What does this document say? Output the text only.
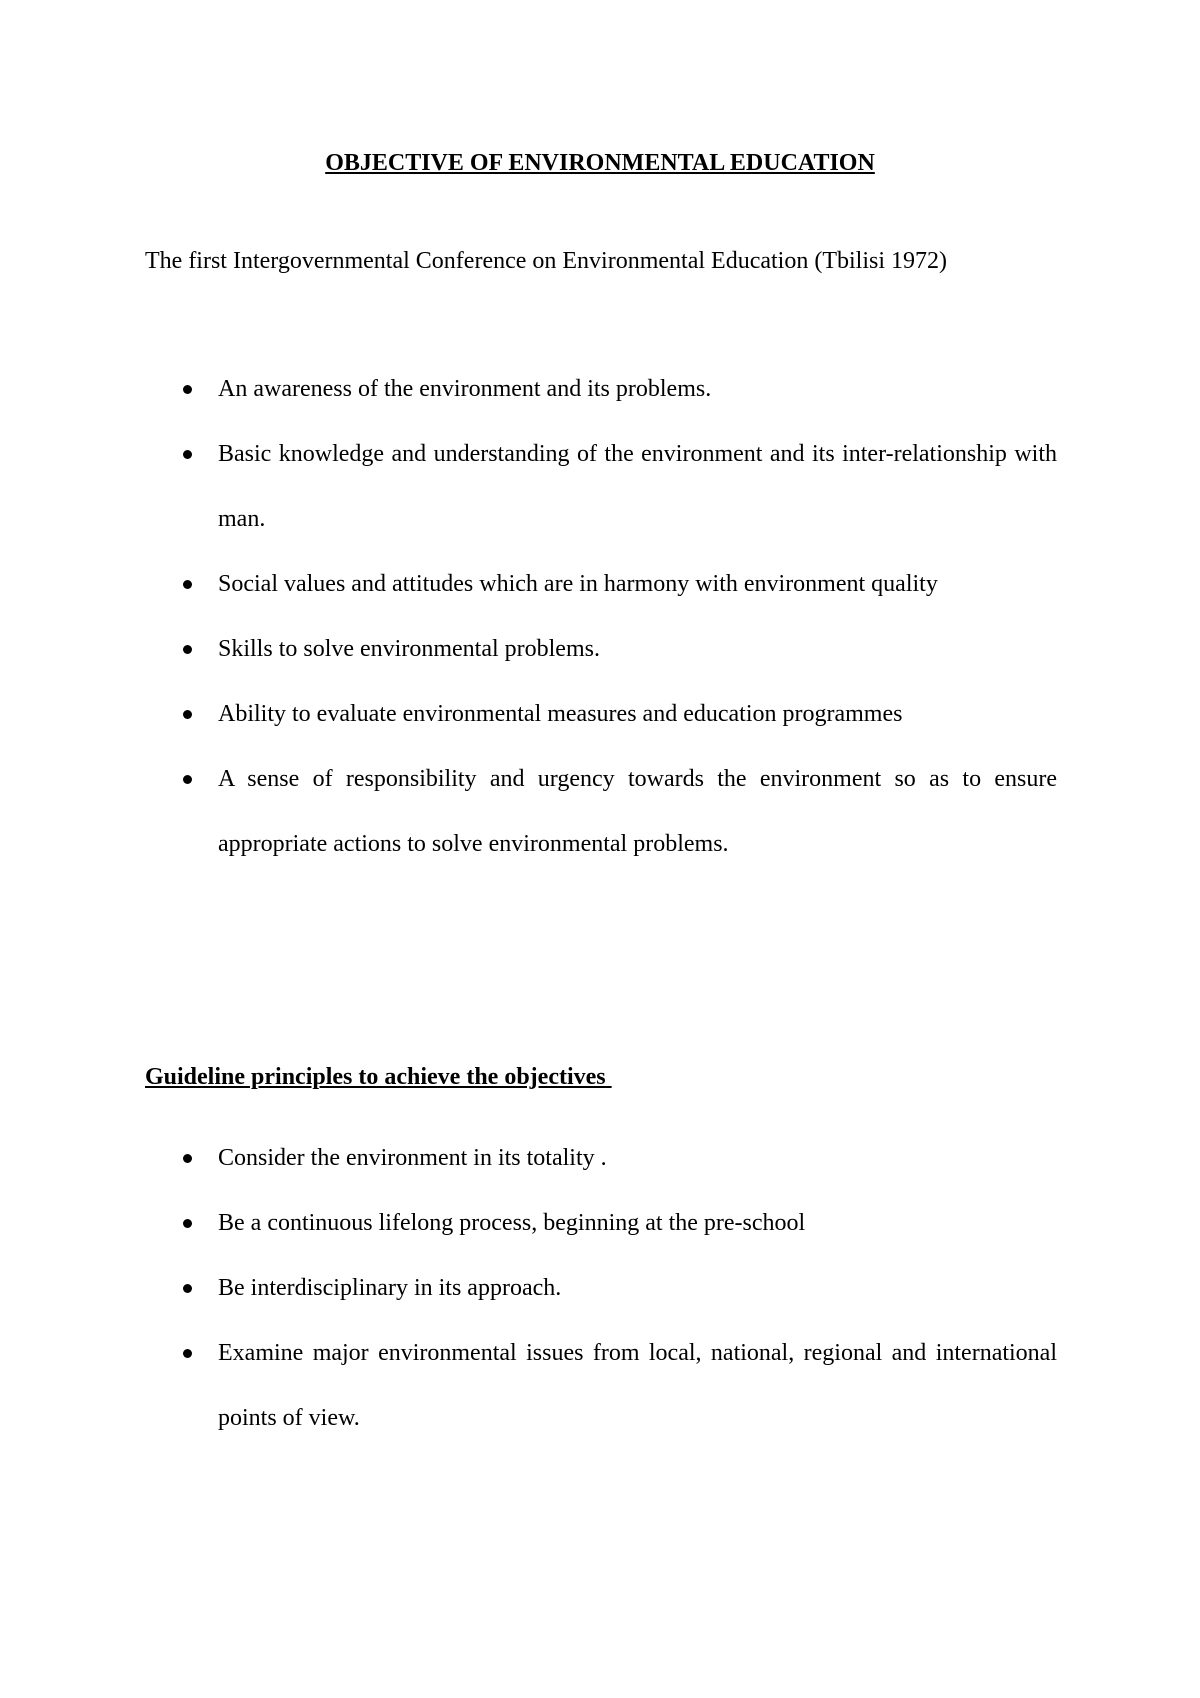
OBJECTIVE OF ENVIRONMENTAL EDUCATION
The first Intergovernmental Conference on Environmental Education (Tbilisi 1972)
An awareness of the environment and its problems.
Basic knowledge and understanding of the environment and its inter-relationship with man.
Social values and attitudes which are in harmony with environment quality
Skills to solve environmental problems.
Ability to evaluate environmental measures and education programmes
A sense of responsibility and urgency towards the environment so as to ensure appropriate actions to solve environmental problems.
Guideline principles to achieve the objectives
Consider the environment in its totality .
Be a continuous lifelong process, beginning at the pre-school
Be interdisciplinary in its approach.
Examine major environmental issues from local, national, regional and international points of view.
